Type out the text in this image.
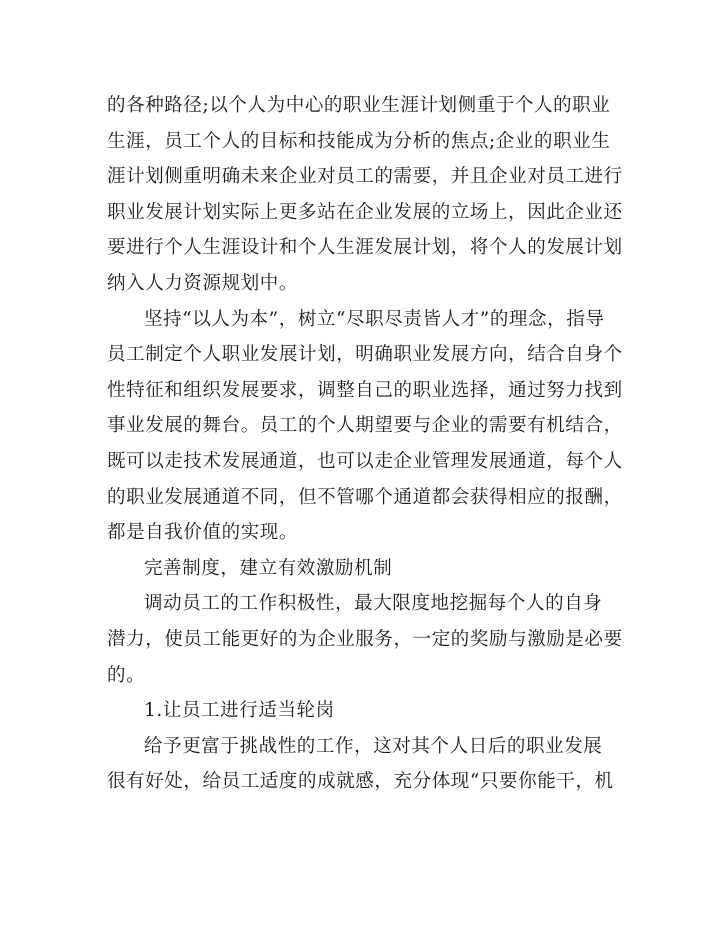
的各种路径;以个人为中心的职业生涯计划侧重于个人的职业
生涯，员工个人的目标和技能成为分析的焦点;企业的职业生
涯计划侧重明确未来企业对员工的需要，并且企业对员工进行
职业发展计划实际上更多站在企业发展的立场上，因此企业还
要进行个人生涯设计和个人生涯发展计划，将个人的发展计划
纳入人力资源规划中。
坚持“以人为本”，树立“尽职尽责皆人才”的理念，指导
员工制定个人职业发展计划，明确职业发展方向，结合自身个
性特征和组织发展要求，调整自己的职业选择，通过努力找到
事业发展的舞台。员工的个人期望要与企业的需要有机结合，
既可以走技术发展通道，也可以走企业管理发展通道，每个人
的职业发展通道不同，但不管哪个通道都会获得相应的报酬，
都是自我价值的实现。
完善制度，建立有效激励机制
调动员工的工作积极性，最大限度地挖掘每个人的自身
潜力，使员工能更好的为企业服务，一定的奖励与激励是必要
的。
1.让员工进行适当轮岗
给予更富于挑战性的工作，这对其个人日后的职业发展
很有好处，给员工适度的成就感，充分体现“只要你能干，机
